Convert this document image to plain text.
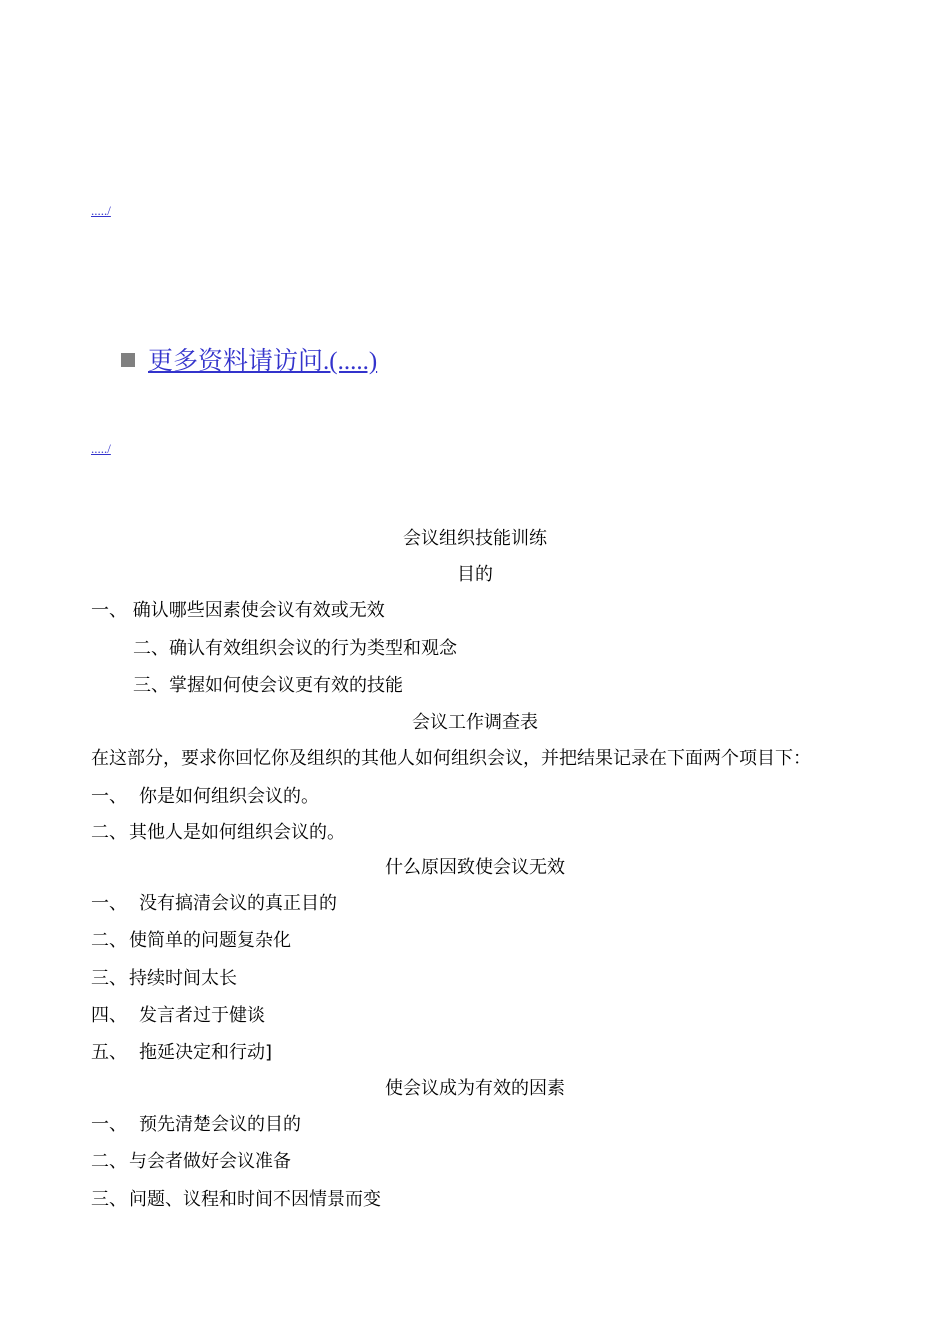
...../
更多资料请访问.(.....)
...../
会议组织技能训练
目的
一、 确认哪些因素使会议有效或无效
二、确认有效组织会议的行为类型和观念
三、掌握如何使会议更有效的技能
会议工作调查表
在这部分，要求你回忆你及组织的其他人如何组织会议，并把结果记录在下面两个项目下：
一、 你是如何组织会议的。
二、 其他人是如何组织会议的。
什么原因致使会议无效
一、 没有搞清会议的真正目的
二、 使简单的问题复杂化
三、 持续时间太长
四、 发言者过于健谈
五、 拖延决定和行动]
使会议成为有效的因素
一、 预先清楚会议的目的
二、 与会者做好会议准备
三、 问题、议程和时间不因情景而变
